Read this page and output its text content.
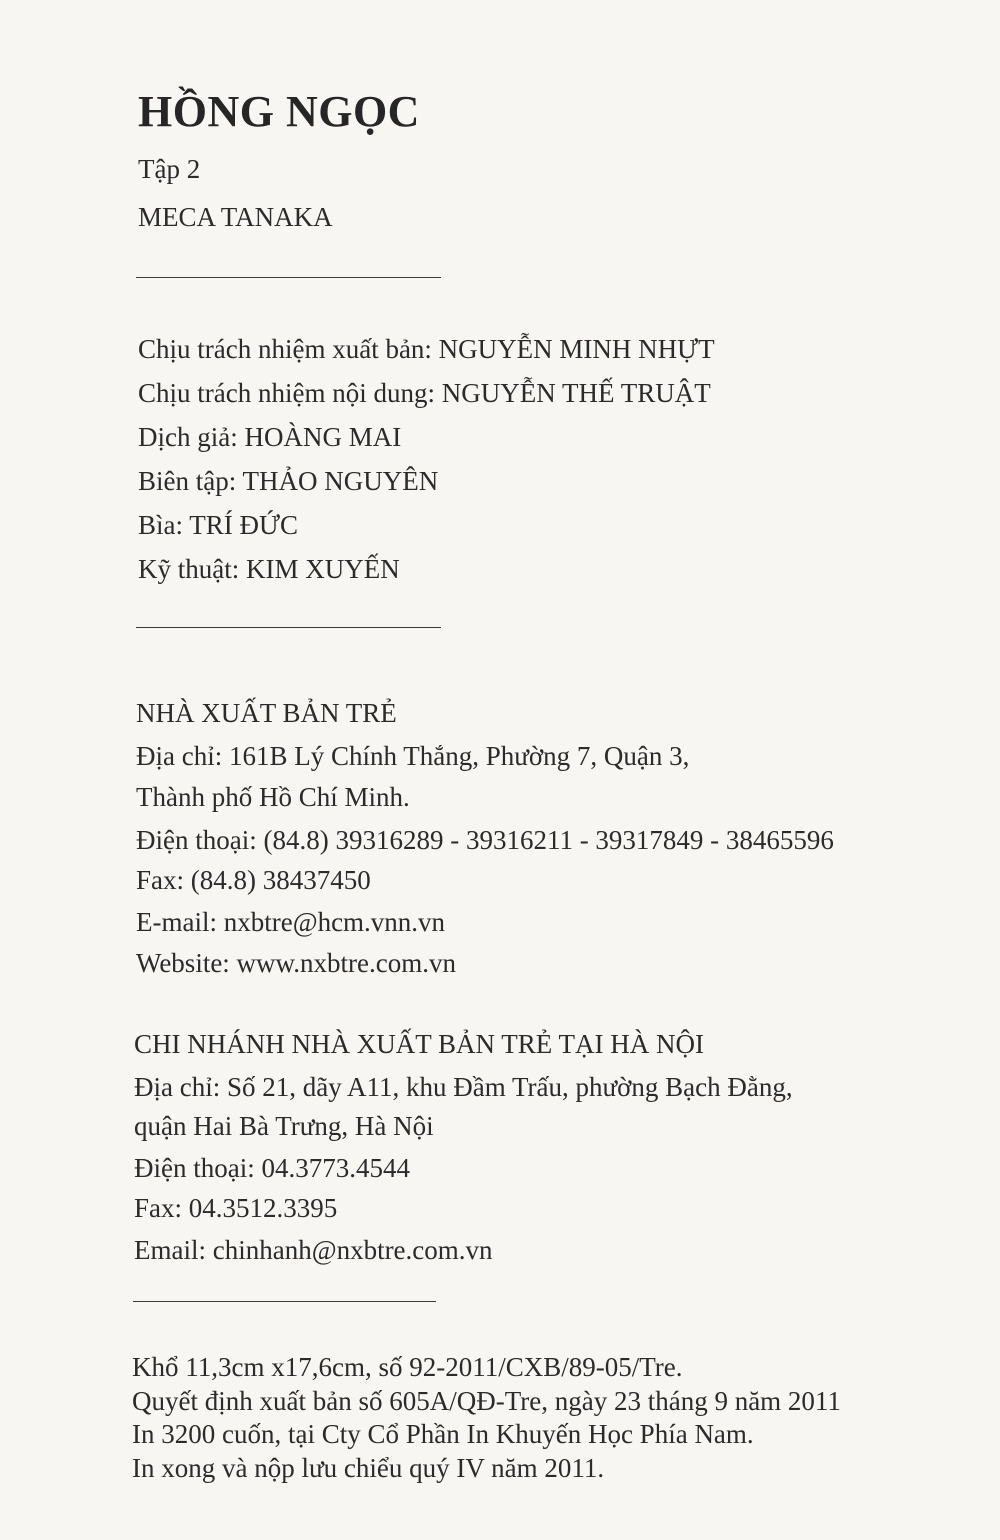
HỒNG NGỌC
Tập 2
MECA TANAKA
Chịu trách nhiệm xuất bản: NGUYỄN MINH NHỰT
Chịu trách nhiệm nội dung: NGUYỄN THẾ TRUẬT
Dịch giả: HOÀNG MAI
Biên tập: THẢO NGUYÊN
Bìa: TRÍ ĐỨC
Kỹ thuật: KIM XUYẾN
NHÀ XUẤT BẢN TRẺ
Địa chỉ: 161B Lý Chính Thắng, Phường 7, Quận 3,
Thành phố Hồ Chí Minh.
Điện thoại: (84.8) 39316289 - 39316211 - 39317849 - 38465596
Fax: (84.8) 38437450
E-mail: nxbtre@hcm.vnn.vn
Website: www.nxbtre.com.vn
CHI NHÁNH NHÀ XUẤT BẢN TRẺ TẠI HÀ NỘI
Địa chỉ: Số 21, dãy A11, khu Đầm Trấu, phường Bạch Đằng,
quận Hai Bà Trưng, Hà Nội
Điện thoại: 04.3773.4544
Fax: 04.3512.3395
Email: chinhanh@nxbtre.com.vn
Khổ 11,3cm x17,6cm, số 92-2011/CXB/89-05/Tre.
Quyết định xuất bản số 605A/QĐ-Tre, ngày 23 tháng 9 năm 2011
In 3200 cuốn, tại Cty Cổ Phần In Khuyến Học Phía Nam.
In xong và nộp lưu chiểu quý IV năm 2011.
